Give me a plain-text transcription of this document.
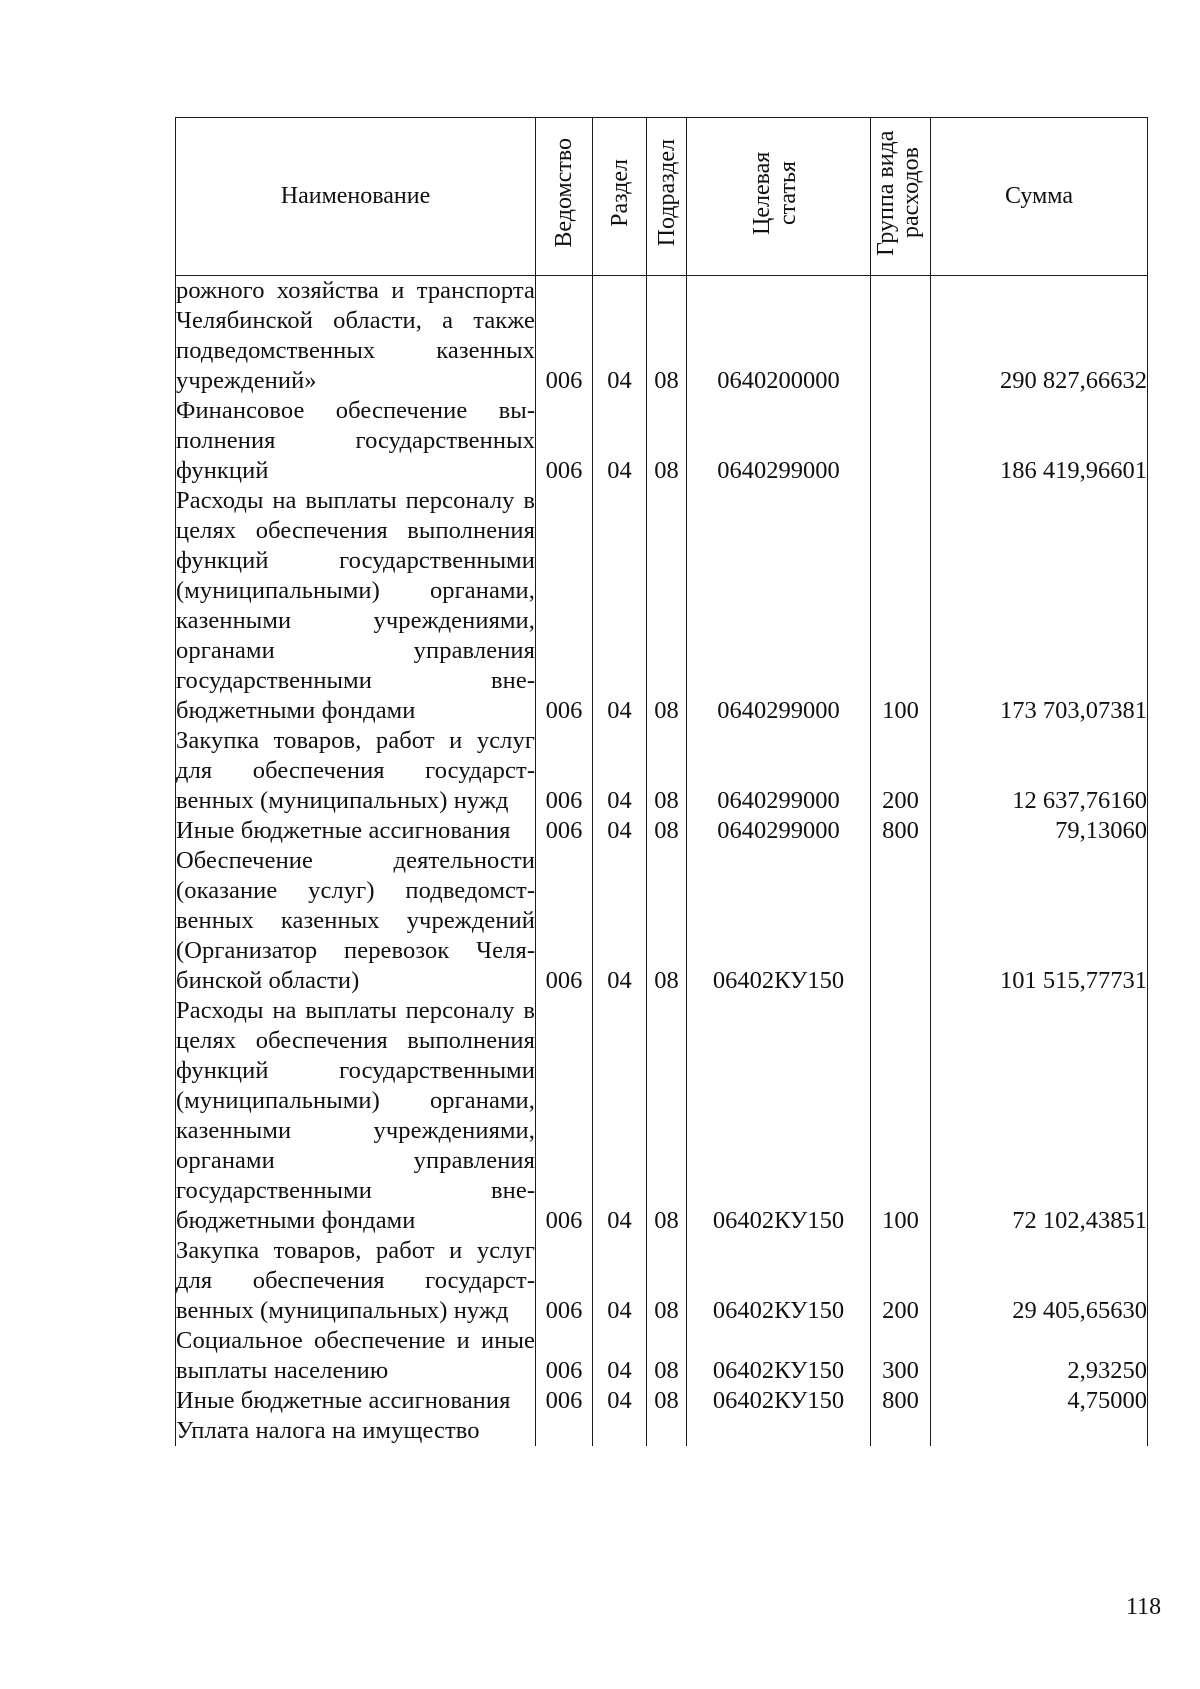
Наименование	Ведомство	Раздел	Подраздел	Целевая статья	Группа вида расходов	Сумма
рожного хозяйства и транспорта Челябинской области, а также подведомственных казенных учреждений»	006	04	08	0640200000		290 827,66632
Финансовое обеспечение выполнения государственных функций	006	04	08	0640299000		186 419,96601
Расходы на выплаты персоналу в целях обеспечения выполнения функций государственными (муниципальными) органами, казенными учреждениями, органами управления государственными внебюджетными фондами	006	04	08	0640299000	100	173 703,07381
Закупка товаров, работ и услуг для обеспечения государственных (муниципальных) нужд	006	04	08	0640299000	200	12 637,76160
Иные бюджетные ассигнования	006	04	08	0640299000	800	79,13060
Обеспечение деятельности (оказание услуг) подведомственных казенных учреждений (Организатор перевозок Челябинской области)	006	04	08	06402КУ150		101 515,77731
Расходы на выплаты персоналу в целях обеспечения выполнения функций государственными (муниципальными) органами, казенными учреждениями, органами управления государственными внебюджетными фондами	006	04	08	06402КУ150	100	72 102,43851
Закупка товаров, работ и услуг для обеспечения государственных (муниципальных) нужд	006	04	08	06402КУ150	200	29 405,65630
Социальное обеспечение и иные выплаты населению	006	04	08	06402КУ150	300	2,93250
Иные бюджетные ассигнования	006	04	08	06402КУ150	800	4,75000
Уплата налога на имущество						
118
